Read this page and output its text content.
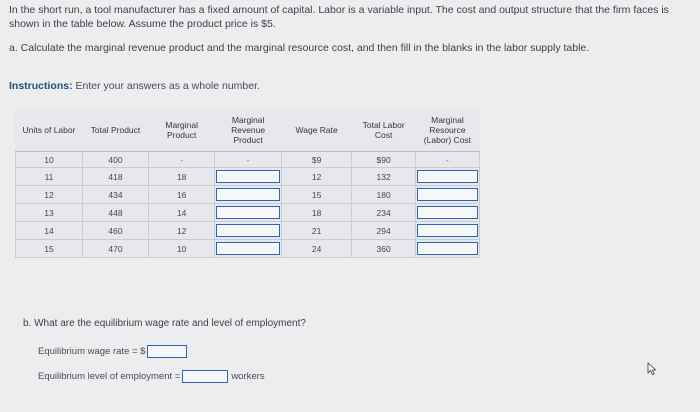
In the short run, a tool manufacturer has a fixed amount of capital. Labor is a variable input. The cost and output structure that the firm faces is shown in the table below. Assume the product price is $5.
a. Calculate the marginal revenue product and the marginal resource cost, and then fill in the blanks in the labor supply table.
Instructions: Enter your answers as a whole number.
Units of Labor	Total Product	Marginal Product	Marginal Revenue Product	Wage Rate	Total Labor Cost	Marginal Resource (Labor) Cost
10	400	-	-	$9	$90	-
11	418	18		12	132	

12	434	16		15	180	

13	448	14		18	234	

14	460	12		21	294	

15	470	10		24	360	
b. What are the equilibrium wage rate and level of employment?
Equilibrium wage rate = $
Equilibrium level of employment =	workers
